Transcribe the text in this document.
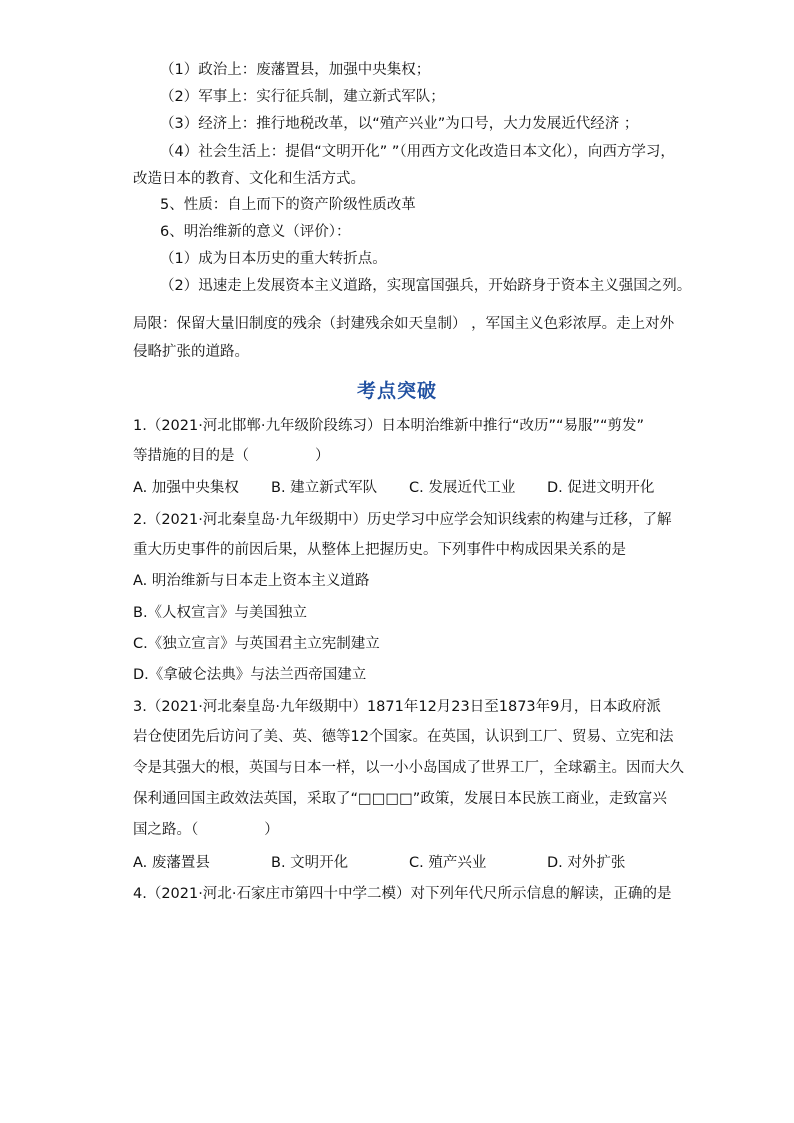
（1）政治上：废藩置县，加强中央集权；
（2）军事上：实行征兵制，建立新式军队；
（3）经济上：推行地税改革，以“殖产兴业”为口号，大力发展近代经济 ；
（4）社会生活上：提倡“文明开化” ”（用西方文化改造日本文化），向西方学习，
改造日本的教育、文化和生活方式。
5、性质：自上而下的资产阶级性质改革
6、明治维新的意义（评价）：
（1）成为日本历史的重大转折点。
（2）迅速走上发展资本主义道路，实现富国强兵，开始跻身于资本主义强国之列。
局限：保留大量旧制度的残余（封建残余如天皇制） ，军国主义色彩浓厚。走上对外
侵略扩张的道路。
考点突破
1.（2021·河北邯郸·九年级阶段练习）日本明治维新中推行“改历”“易服”“剪发”
等措施的目的是（	）
A. 加强中央集权	B. 建立新式军队	C. 发展近代工业	D. 促进文明开化
2.（2021·河北秦皇岛·九年级期中）历史学习中应学会知识线索的构建与迁移，了解
重大历史事件的前因后果，从整体上把握历史。下列事件中构成因果关系的是
A. 明治维新与日本走上资本主义道路
B.《人权宣言》与美国独立
C.《独立宣言》与英国君主立宪制建立
D.《拿破仑法典》与法兰西帝国建立
3.（2021·河北秦皇岛·九年级期中）1871年12月23日至1873年9月，日本政府派
岩仓使团先后访问了美、英、德等12个国家。在英国，认识到工厂、贸易、立宪和法
令是其强大的根，英国与日本一样，以一小小岛国成了世界工厂，全球霸主。因而大久
保利通回国主政效法英国，采取了“□□□□”政策，发展日本民族工商业，走致富兴
国之路。（	）
A. 废藩置县	B. 文明开化	C. 殖产兴业	D. 对外扩张
4.（2021·河北·石家庄市第四十中学二模）对下列年代尺所示信息的解读，正确的是
